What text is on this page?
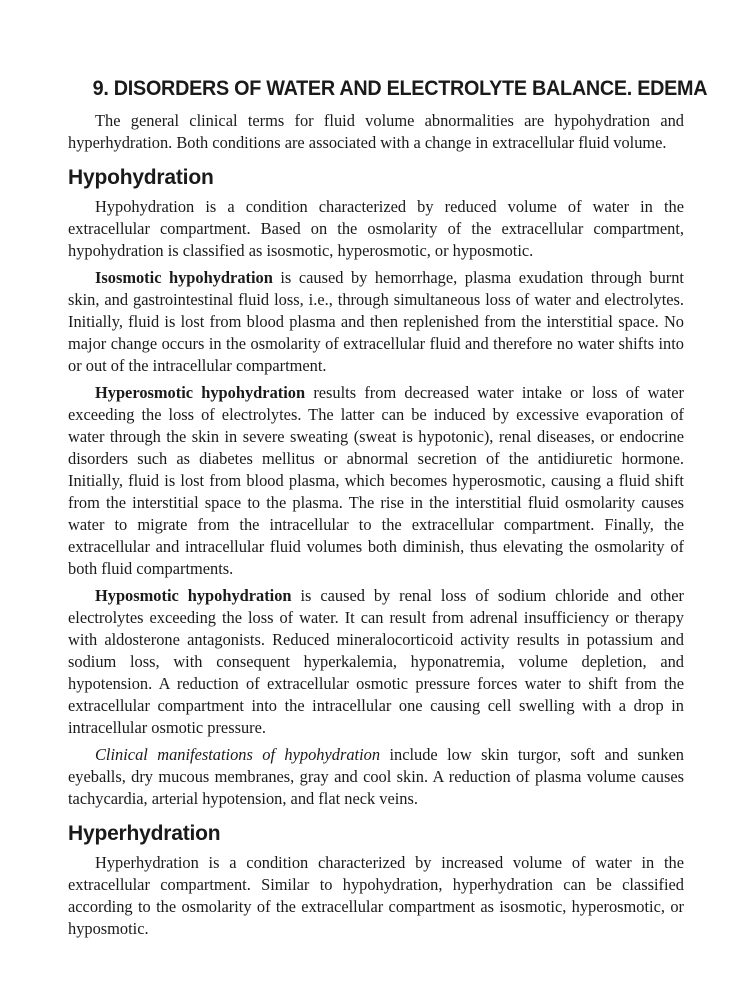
9. DISORDERS OF WATER AND ELECTROLYTE BALANCE. EDEMA

The general clinical terms for fluid volume abnormalities are hypohydration and hyperhydration. Both conditions are associated with a change in extracellular fluid volume.

Hypohydration

Hypohydration is a condition characterized by reduced volume of water in the extracellular compartment. Based on the osmolarity of the extracellular compartment, hypohydration is classified as isosmotic, hyperosmotic, or hyposmotic.

Isosmotic hypohydration is caused by hemorrhage, plasma exudation through burnt skin, and gastrointestinal fluid loss, i.e., through simultaneous loss of water and electrolytes. Initially, fluid is lost from blood plasma and then replenished from the interstitial space. No major change occurs in the osmolarity of extracellular fluid and therefore no water shifts into or out of the intracellular compartment.

Hyperosmotic hypohydration results from decreased water intake or loss of water exceeding the loss of electrolytes. The latter can be induced by excessive evaporation of water through the skin in severe sweating (sweat is hypotonic), renal diseases, or endocrine disorders such as diabetes mellitus or abnormal secretion of the antidiuretic hormone. Initially, fluid is lost from blood plasma, which becomes hyperosmotic, causing a fluid shift from the interstitial space to the plasma. The rise in the interstitial fluid osmolarity causes water to migrate from the intracellular to the extracellular compartment. Finally, the extracellular and intracellular fluid volumes both diminish, thus elevating the osmolarity of both fluid compartments.

Hyposmotic hypohydration is caused by renal loss of sodium chloride and other electrolytes exceeding the loss of water. It can result from adrenal insufficiency or therapy with aldosterone antagonists. Reduced mineralocorticoid activity results in potassium and sodium loss, with consequent hyperkalemia, hyponatremia, volume depletion, and hypotension. A reduction of extracellular osmotic pressure forces water to shift from the extracellular compartment into the intracellular one causing cell swelling with a drop in intracellular osmotic pressure.

Clinical manifestations of hypohydration include low skin turgor, soft and sunken eyeballs, dry mucous membranes, gray and cool skin. A reduction of plasma volume causes tachycardia, arterial hypotension, and flat neck veins.

Hyperhydration

Hyperhydration is a condition characterized by increased volume of water in the extracellular compartment. Similar to hypohydration, hyperhydration can be classified according to the osmolarity of the extracellular compartment as isosmotic, hyperosmotic, or hyposmotic.
